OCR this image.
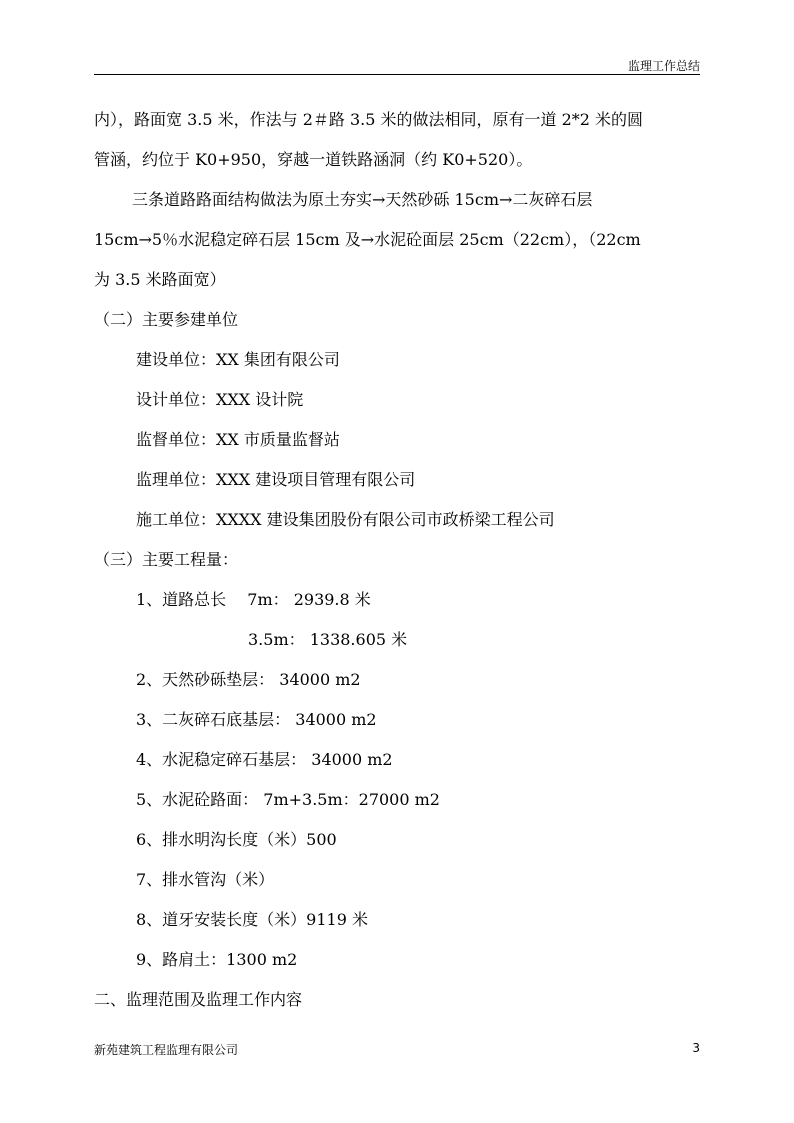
监理工作总结
内），路面宽 3.5 米，作法与 2＃路 3.5 米的做法相同，原有一道 2*2 米的圆
管涵，约位于 K0+950，穿越一道铁路涵洞（约 K0+520）。
三条道路路面结构做法为原土夯实→天然砂砾 15cm→二灰碎石层
15cm→5％水泥稳定碎石层 15cm 及→水泥砼面层 25cm（22cm），（22cm
为 3.5 米路面宽）
（二）主要参建单位
建设单位：XX 集团有限公司
设计单位：XXX 设计院
监督单位：XX 市质量监督站
监理单位：XXX 建设项目管理有限公司
施工单位：XXXX 建设集团股份有限公司市政桥梁工程公司
（三）主要工程量：
1、道路总长　 7m： 2939.8 米
3.5m： 1338.605 米
2、天然砂砾垫层： 34000 m2
3、二灰碎石底基层： 34000 m2
4、水泥稳定碎石基层： 34000 m2
5、水泥砼路面： 7m+3.5m：27000 m2
6、排水明沟长度（米）500
7、排水管沟（米）
8、道牙安装长度（米）9119 米
9、路肩土：1300 m2
二、监理范围及监理工作内容
新苑建筑工程监理有限公司	3
